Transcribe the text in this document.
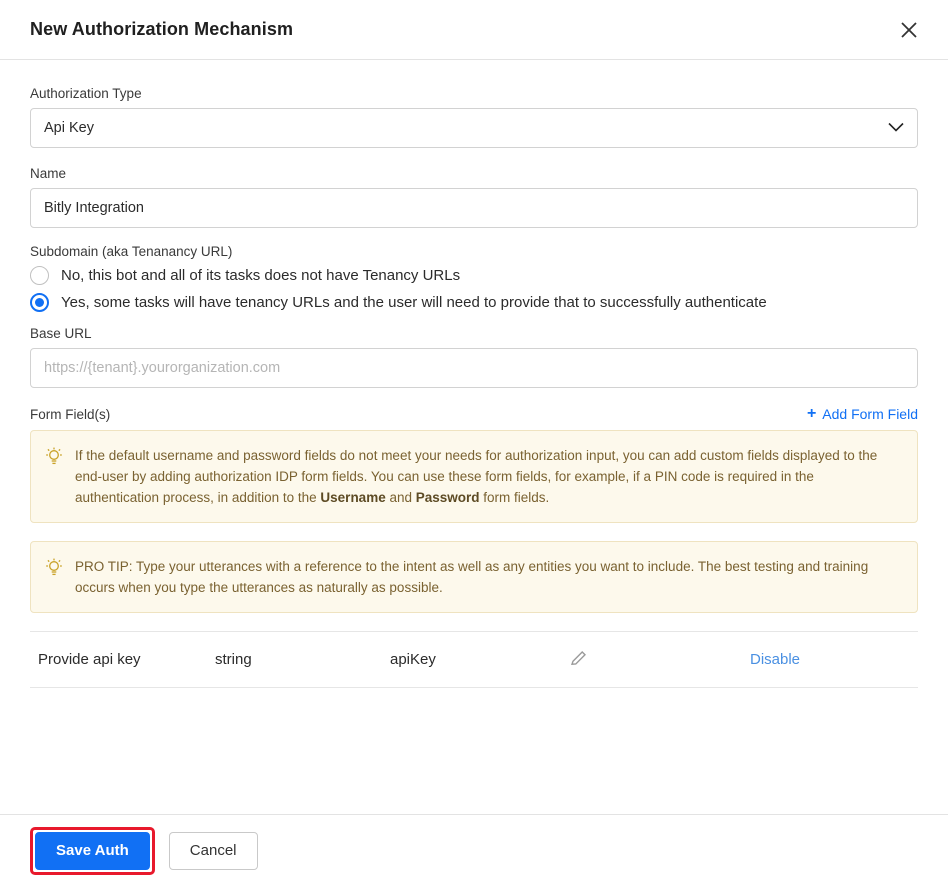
New Authorization Mechanism
Authorization Type
Api Key
Name
Bitly Integration
Subdomain (aka Tenanancy URL)
No, this bot and all of its tasks does not have Tenancy URLs
Yes, some tasks will have tenancy URLs and the user will need to provide that to successfully authenticate
Base URL
https://{tenant}.yourorganization.com
Form Field(s)	+ Add Form Field
If the default username and password fields do not meet your needs for authorization input, you can add custom fields displayed to the end-user by adding authorization IDP form fields. You can use these form fields, for example, if a PIN code is required in the authentication process, in addition to the Username and Password form fields.
PRO TIP: Type your utterances with a reference to the intent as well as any entities you want to include. The best testing and training occurs when you type the utterances as naturally as possible.
Provide api key	string	apiKey	Disable
Save Auth	Cancel
